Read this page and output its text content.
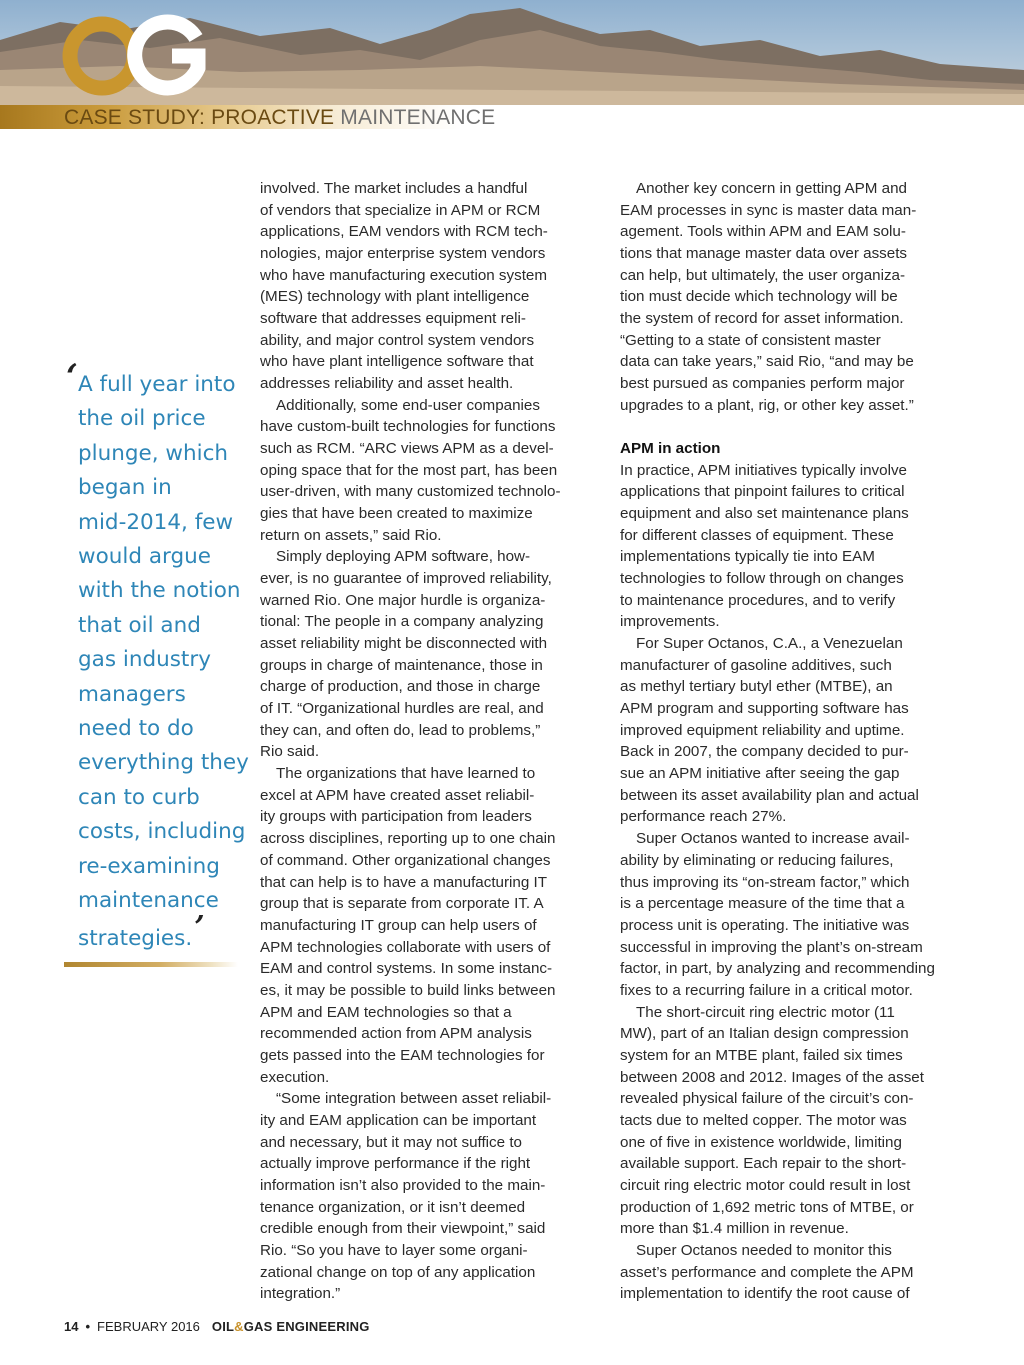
CASE STUDY: PROACTIVE MAINTENANCE
‘ A full year into
the oil price
plunge, which
began in
mid-2014, few
would argue
with the notion
that oil and
gas industry
managers
need to do
everything they
can to curb
costs, including
re-examining
maintenance
strategies.’
involved. The market includes a handful
of vendors that specialize in APM or RCM
applications, EAM vendors with RCM tech-
nologies, major enterprise system vendors
who have manufacturing execution system
(MES) technology with plant intelligence
software that addresses equipment reli-
ability, and major control system vendors
who have plant intelligence software that
addresses reliability and asset health.
Additionally, some end-user companies
have custom-built technologies for functions
such as RCM. “ARC views APM as a devel-
oping space that for the most part, has been
user-driven, with many customized technolo-
gies that have been created to maximize
return on assets,” said Rio.
Simply deploying APM software, how-
ever, is no guarantee of improved reliability,
warned Rio. One major hurdle is organiza-
tional: The people in a company analyzing
asset reliability might be disconnected with
groups in charge of maintenance, those in
charge of production, and those in charge
of IT. “Organizational hurdles are real, and
they can, and often do, lead to problems,”
Rio said.
The organizations that have learned to
excel at APM have created asset reliabil-
ity groups with participation from leaders
across disciplines, reporting up to one chain
of command. Other organizational changes
that can help is to have a manufacturing IT
group that is separate from corporate IT. A
manufacturing IT group can help users of
APM technologies collaborate with users of
EAM and control systems. In some instanc-
es, it may be possible to build links between
APM and EAM technologies so that a
recommended action from APM analysis
gets passed into the EAM technologies for
execution.
“Some integration between asset reliabil-
ity and EAM application can be important
and necessary, but it may not suffice to
actually improve performance if the right
information isn’t also provided to the main-
tenance organization, or it isn’t deemed
credible enough from their viewpoint,” said
Rio. “So you have to layer some organi-
zational change on top of any application
integration.”
Another key concern in getting APM and
EAM processes in sync is master data man-
agement. Tools within APM and EAM solu-
tions that manage master data over assets
can help, but ultimately, the user organiza-
tion must decide which technology will be
the system of record for asset information.
“Getting to a state of consistent master
data can take years,” said Rio, “and may be
best pursued as companies perform major
upgrades to a plant, rig, or other key asset.”
APM in action
In practice, APM initiatives typically involve
applications that pinpoint failures to critical
equipment and also set maintenance plans
for different classes of equipment. These
implementations typically tie into EAM
technologies to follow through on changes
to maintenance procedures, and to verify
improvements.
For Super Octanos, C.A., a Venezuelan
manufacturer of gasoline additives, such
as methyl tertiary butyl ether (MTBE), an
APM program and supporting software has
improved equipment reliability and uptime.
Back in 2007, the company decided to pur-
sue an APM initiative after seeing the gap
between its asset availability plan and actual
performance reach 27%.
Super Octanos wanted to increase avail-
ability by eliminating or reducing failures,
thus improving its “on-stream factor,” which
is a percentage measure of the time that a
process unit is operating. The initiative was
successful in improving the plant’s on-stream
factor, in part, by analyzing and recommending
fixes to a recurring failure in a critical motor.
The short-circuit ring electric motor (11
MW), part of an Italian design compression
system for an MTBE plant, failed six times
between 2008 and 2012. Images of the asset
revealed physical failure of the circuit’s con-
tacts due to melted copper. The motor was
one of five in existence worldwide, limiting
available support. Each repair to the short-
circuit ring electric motor could result in lost
production of 1,692 metric tons of MTBE, or
more than $1.4 million in revenue.
Super Octanos needed to monitor this
asset’s performance and complete the APM
implementation to identify the root cause of
14 • FEBRUARY 2016 OIL&GAS ENGINEERING
